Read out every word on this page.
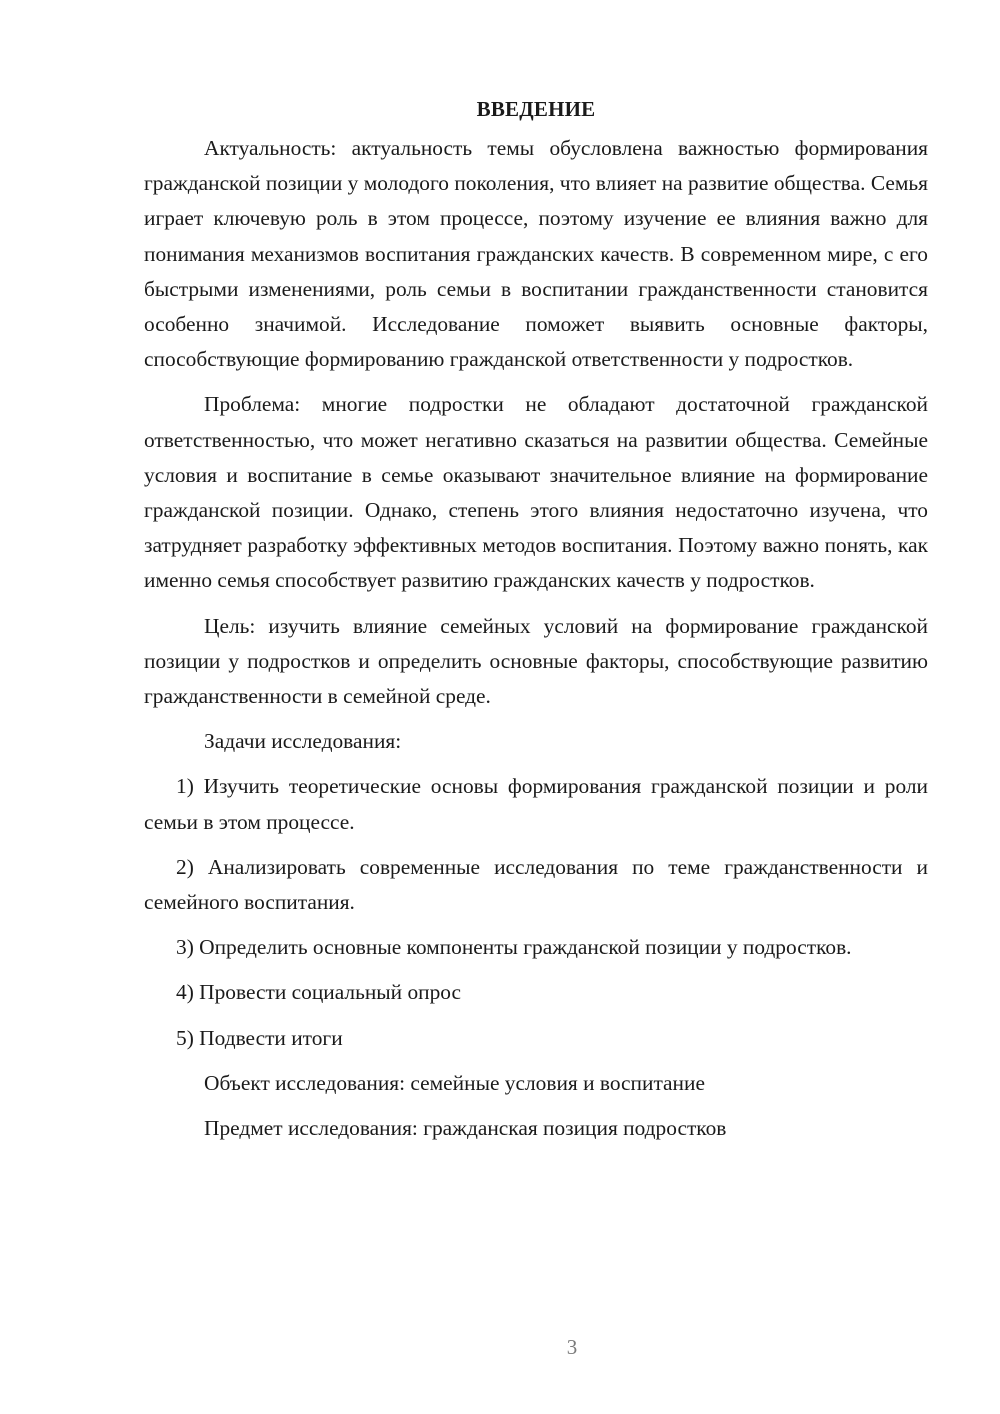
ВВЕДЕНИЕ

Актуальность: актуальность темы обусловлена важностью формирования гражданской позиции у молодого поколения, что влияет на развитие общества. Семья играет ключевую роль в этом процессе, поэтому изучение ее влияния важно для понимания механизмов воспитания гражданских качеств. В современном мире, с его быстрыми изменениями, роль семьи в воспитании гражданственности становится особенно значимой. Исследование поможет выявить основные факторы, способствующие формированию гражданской ответственности у подростков.

Проблема: многие подростки не обладают достаточной гражданской ответственностью, что может негативно сказаться на развитии общества. Семейные условия и воспитание в семье оказывают значительное влияние на формирование гражданской позиции. Однако, степень этого влияния недостаточно изучена, что затрудняет разработку эффективных методов воспитания. Поэтому важно понять, как именно семья способствует развитию гражданских качеств у подростков.

Цель: изучить влияние семейных условий на формирование гражданской позиции у подростков и определить основные факторы, способствующие развитию гражданственности в семейной среде.

Задачи исследования:

1) Изучить теоретические основы формирования гражданской позиции и роли семьи в этом процессе.

2) Анализировать современные исследования по теме гражданственности и семейного воспитания.

3) Определить основные компоненты гражданской позиции у подростков.

4) Провести социальный опрос

5) Подвести итоги

Объект исследования: семейные условия и воспитание

Предмет исследования: гражданская позиция подростков

3
